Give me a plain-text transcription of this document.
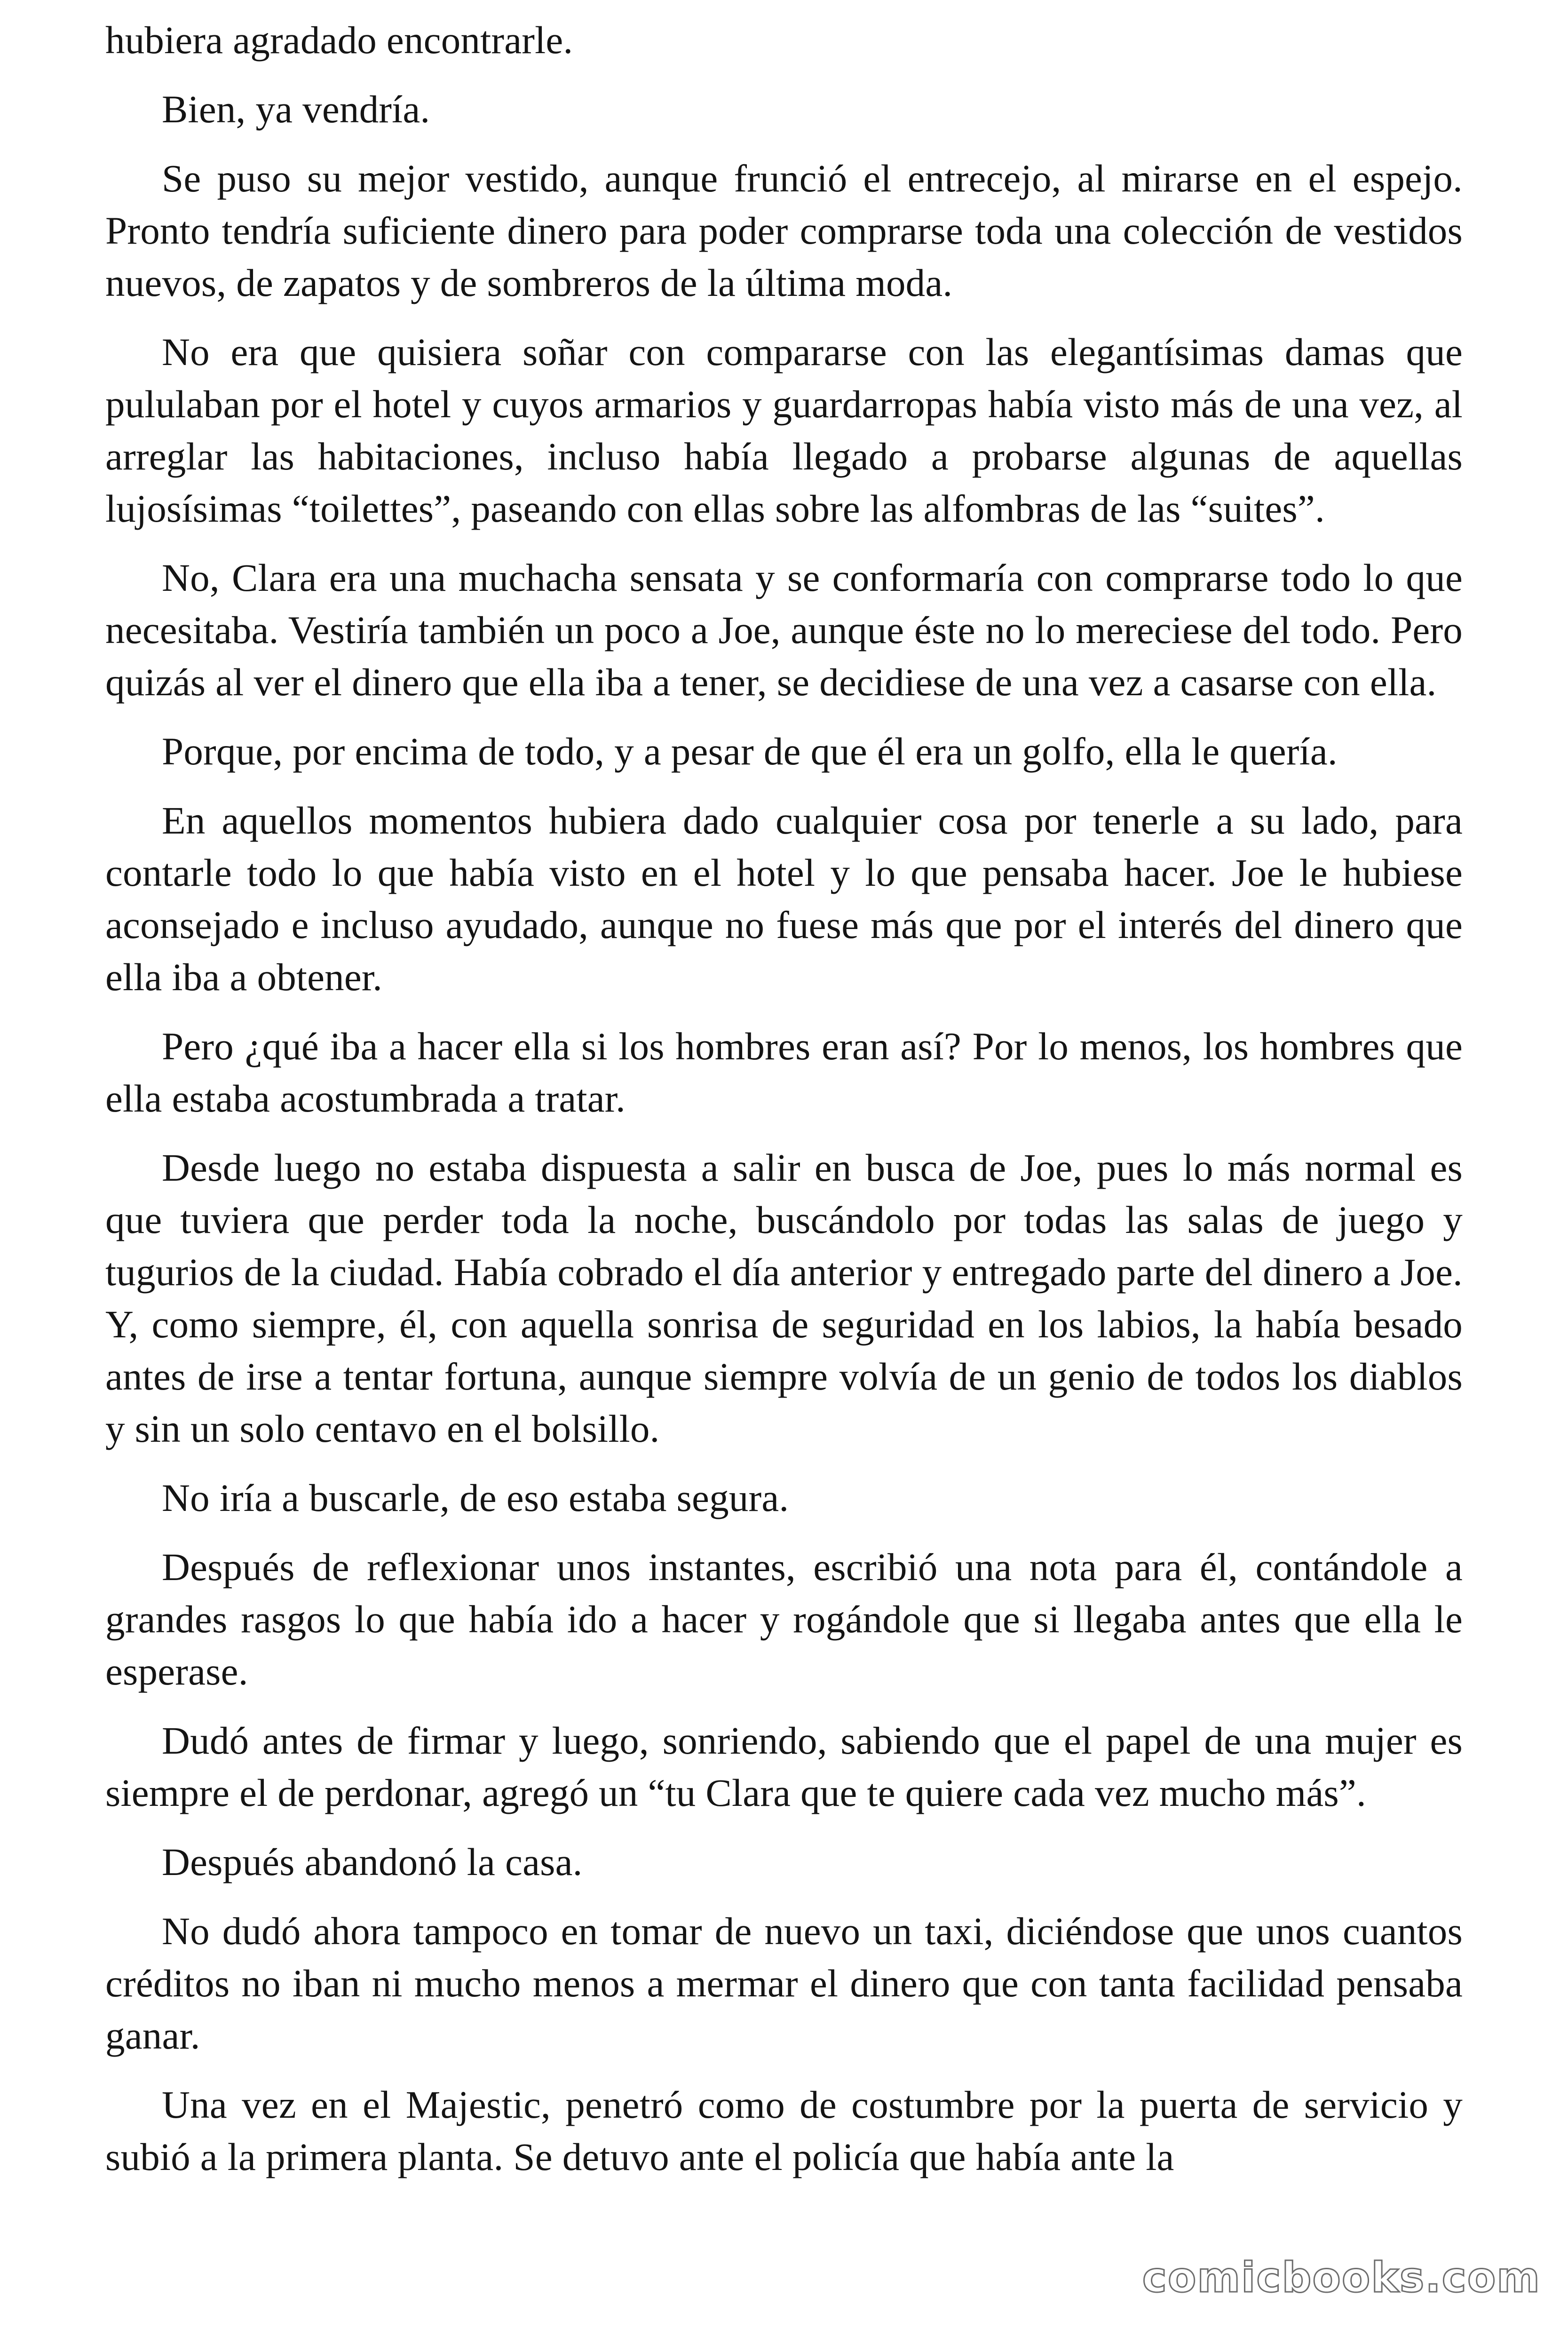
hubiera agradado encontrarle.

Bien, ya vendría.

Se puso su mejor vestido, aunque frunció el entrecejo, al mirarse en el espejo. Pronto tendría suficiente dinero para poder comprarse toda una colección de vestidos nuevos, de zapatos y de sombreros de la última moda.

No era que quisiera soñar con compararse con las elegantísimas damas que pululaban por el hotel y cuyos armarios y guardarropas había visto más de una vez, al arreglar las habitaciones, incluso había llegado a probarse algunas de aquellas lujosísimas “toilettes”, paseando con ellas sobre las alfombras de las “suites”.

No, Clara era una muchacha sensata y se conformaría con comprarse todo lo que necesitaba. Vestiría también un poco a Joe, aunque éste no lo mereciese del todo. Pero quizás al ver el dinero que ella iba a tener, se decidiese de una vez a casarse con ella.

Porque, por encima de todo, y a pesar de que él era un golfo, ella le quería.

En aquellos momentos hubiera dado cualquier cosa por tenerle a su lado, para contarle todo lo que había visto en el hotel y lo que pensaba hacer. Joe le hubiese aconsejado e incluso ayudado, aunque no fuese más que por el interés del dinero que ella iba a obtener.

Pero ¿qué iba a hacer ella si los hombres eran así? Por lo menos, los hombres que ella estaba acostumbrada a tratar.

Desde luego no estaba dispuesta a salir en busca de Joe, pues lo más normal es que tuviera que perder toda la noche, buscándolo por todas las salas de juego y tugurios de la ciudad. Había cobrado el día anterior y entregado parte del dinero a Joe. Y, como siempre, él, con aquella sonrisa de seguridad en los labios, la había besado antes de irse a tentar fortuna, aunque siempre volvía de un genio de todos los diablos y sin un solo centavo en el bolsillo.

No iría a buscarle, de eso estaba segura.

Después de reflexionar unos instantes, escribió una nota para él, contándole a grandes rasgos lo que había ido a hacer y rogándole que si llegaba antes que ella le esperase.

Dudó antes de firmar y luego, sonriendo, sabiendo que el papel de una mujer es siempre el de perdonar, agregó un “tu Clara que te quiere cada vez mucho más”.

Después abandonó la casa.

No dudó ahora tampoco en tomar de nuevo un taxi, diciéndose que unos cuantos créditos no iban ni mucho menos a mermar el dinero que con tanta facilidad pensaba ganar.

Una vez en el Majestic, penetró como de costumbre por la puerta de servicio y subió a la primera planta. Se detuvo ante el policía que había ante la

comicbooks.com
